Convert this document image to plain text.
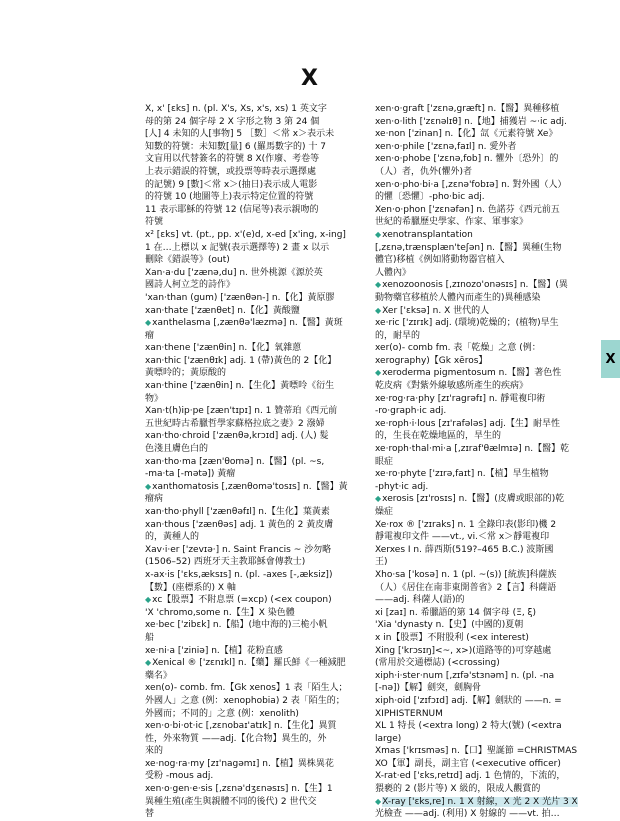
X
X, x' [ɛks] n. (pl. X's, Xs, x's, xs) 1 英文字
母的第 24 個字母 2 X 字形之物 3 第 24 個
[人] 4 未知的人[事物] 5 ［數］＜常 x＞表示未
知數的符號：未知數[量] 6 (羅馬數字的) 十 7
文盲用以代替簽名的符號 8 X(作廢、考卷等
上表示錯誤的符號，或投票等時表示選擇處
的記號) 9 [數]＜常 x＞(抽日)表示成人電影
的符號 10 (地圖等上)表示特定位置的符號
11 表示耶穌的符號 12 (信尾等)表示親吻的
符號
x² [ɛks] vt. (pt., pp. x'(e)d, x-ed [x'ing, x-ing]
1 在…上標以 x 記號(表示選擇等) 2 畫 x 以示
刪除《錯誤等》(out)
Xan·a·du ['zænə,du] n. 世外桃源《源於英
國詩人柯立芝的詩作》
'xan·than (gum) ['zænθən-] n.【化】黃原膠
xan·thate ['zænθet] n.【化】黃酸鹽
◆xanthelasma [,zænθə'læzmə] n.【醫】黃斑
瘤
xan·thene ['zænθin] n.【化】氧雜蒽
xan·thic ['zænθɪk] adj. 1 (帶)黃色的 2【化】
黃嘌呤的；黃原酸的
xan·thine ['zænθin] n.【生化】黃嘌呤《衍生
物》
Xan·t(h)ip·pe [zæn'tɪpɪ] n. 1 贊蒂珀《西元前
五世紀時古希臘哲學家蘇格拉底之妻》2 潑婦
xan·tho·chroid ['zænθə,krɔɪd] adj. (人) 髮
色淺且膚色白的
xan·tho·ma [zæn'θomə] n.【醫】(pl. ~s,
-ma·ta [-mətə]) 黃瘤
◆xanthomatosis [,zænθomə'tosɪs] n.【醫】黃
瘤病
xan·tho·phyll ['zænθəfɪl] n.【生化】葉黃素
xan·thous ['zænθəs] adj. 1 黃色的 2 黃皮膚
的，黃種人的
Xav·i·er ['zevɪə·] n. Saint Francis ~ 沙勿略
(1506–52) 西班牙天主教耶穌會傳教士)
x-ax·is ['ɛks,æksɪs] n. (pl. -axes [-,æksiz])
【數】(座標系的) X 軸
◆xc【股票】不附息票 (=xcp) (<ex coupon)
'X 'chromo,some n.【生】X 染色體
xe·bec ['zibɛk] n.【船】(地中海的)三桅小帆
船
xe·ni·a ['ziniə] n.【植】花粉直感
◆Xenical ® ['zɛnɪkl] n.【藥】羅氏鮮《一種減肥
藥名》
xen(o)- comb. fm.【Gk xenos】1 表「陌生人；
外國人」之意 (例：xenophobia) 2 表「陌生的；
外國而；不同的」之意 (例：xenolith)
xen·o·bi·ot·ic [,zɛnobaɪ'atɪk] n.【生化】異質
性，外來物質 ——adj.【化合物】異生的，外
來的
xe·nog·ra·my [zɪ'nagəmɪ] n.【植】異株異花
受粉 -mous adj.
xen·o·gen·e·sis [,zɛnə'dʒɛnəsɪs] n.【生】1
異種生殖(產生與親體不同的後代) 2 世代交
替
xen·o·graft ['zɛnə,græft] n.【醫】異種移植
xen·o·lith ['zɛnəlɪθ] n.【地】捕獲岩 ~·ic adj.
xe·non ['zinan] n.【化】氙《元素符號 Xe》
xen·o·phile ['zɛnə,faɪl] n. 愛外者
xen·o·phobe ['zɛnə,fob] n. 懼外〔恐外〕的
（人）者，仇外(懼外)者
xen·o·pho·bi·a [,zɛnə'fobɪə] n. 對外國（人）
的懼〔恐懼〕-pho·bic adj.
Xen·o·phon ['zɛnəfən] n. 色諾芬《西元前五
世紀的希臘歷史學家、作家、軍事家》
◆xenotransplantation
[,zɛnə,trænsplæn'teʃən] n.【醫】異種(生物
體官)移植《例如將動物器官植入
人體內》
◆xenozoonosis [,zɪnozo'onəsɪs] n.【醫】(異
動物藥官移植於人體內而產生的)異種感染
◆Xer ['ɛksə] n. X 世代的人
xe·ric ['zɪrɪk] adj. (環境)乾燥的；(植物)旱生
的，耐旱的
xer(o)- comb fm. 表「乾燥」之意 (例：
xerography)【Gk xēros】
◆xeroderma pigmentosum n.【醫】著色性
乾皮病《對紫外線敏感所產生的疾病》
xe·rog·ra·phy [zɪ'ragrəfɪ] n. 靜電複印術
-ro·graph·ic adj.
xe·roph·i·lous [zɪ'rafələs] adj.【生】耐旱性
的，生長在乾燥地區的，旱生的
xe·roph·thal·mi·a [,zɪraf'θælmɪə] n.【醫】乾
眼症
xe·ro·phyte ['zɪrə,faɪt] n.【植】旱生植物
-phyt·ic adj.
◆xerosis [zɪ'rosɪs] n.【醫】(皮膚或眼部的)乾
燥症
Xe·rox ® ['zɪraks] n. 1 全錄印表(影印)機 2
靜電複印文件 ——vt., vi.＜常 x＞靜電複印
Xerxes I n. 薛西斯(519?–465 B.C.) 波斯國
王)
Xho·sa ['kosə] n. 1 (pl. ~(s)) [統族]科薩族
（人）《居住在南非東開普省》2【言】科薩語
——adj. 科薩人(語)的
xi [zaɪ] n. 希臘語的第 14 個字母 (Ξ, ξ)
'Xia 'dynasty n.【史】(中國的)夏朝
x in【股票】不附股利 (<ex interest)
Xing ['krɔsɪŋ]<~, x>)(道路等的)可穿越處
(常用於交通標誌) (<crossing)
xiph·i·ster·num [,zɪfə'stɜnəm] n. (pl. -na
[-nə])【解】劍突，劍胸骨
xiph·oid ['zɪfɔɪd] adj.【解】劍狀的 ——n. =
XIPHISTERNUM
XL 1 特長 (<extra long) 2 特大(號) (<extra
large)
Xmas ['krɪsməs] n.【口】聖誕節 =CHRISTMAS
XO【軍】副長，副主官 (<executive officer)
X-rat·ed ['ɛks,retɪd] adj. 1 色情的，下流的，
猥褻的 2 (影片等) X 級的，限成人觀賞的
◆X-ray ['ɛks,re] n. 1 X 射線，X 光 2 X 光片 3 X
光檢查 ——adj. (利用) X 射線的 ——vt. 拍…
X
